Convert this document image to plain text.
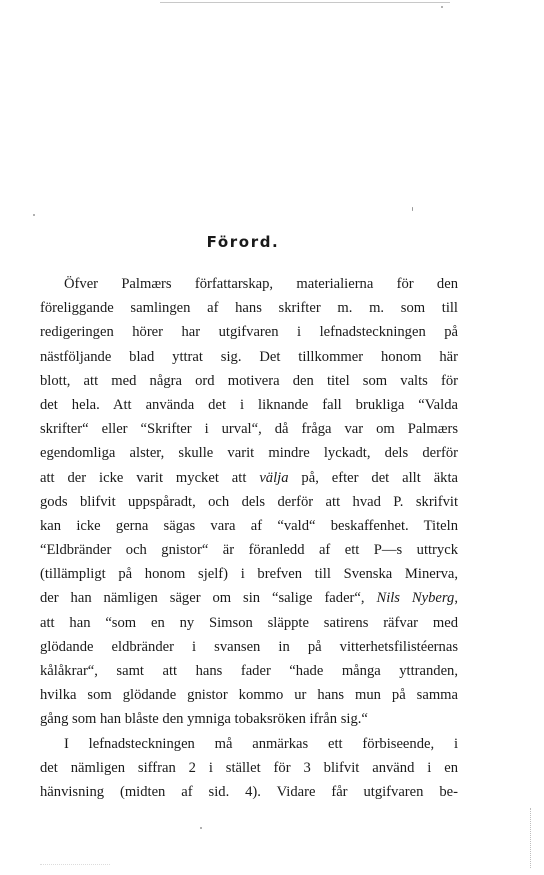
Förord.
Öfver Palmærs författarskap, materialierna för den
föreliggande samlingen af hans skrifter m. m. som till
redigeringen hörer har utgifvaren i lefnadsteckningen på
nästföljande blad yttrat sig. Det tillkommer honom här
blott, att med några ord motivera den titel som valts för
det hela. Att använda det i liknande fall brukliga “Valda
skrifter“ eller “Skrifter i urval“, då fråga var om Palmærs
egendomliga alster, skulle varit mindre lyckadt, dels derför
att der icke varit mycket att välja på, efter det allt äkta
gods blifvit uppspåradt, och dels derför att hvad P. skrifvit
kan icke gerna sägas vara af “vald“ beskaffenhet. Titeln
“Eldbränder och gnistor“ är föranledd af ett P—s uttryck
(tillämpligt på honom sjelf) i brefven till Svenska Minerva,
der han nämligen säger om sin “salige fader“, Nils Nyberg,
att han “som en ny Simson släppte satirens räfvar med
glödande eldbränder i svansen in på vitterhetsfilistéernas
kålåkrar“, samt att hans fader “hade många yttranden,
hvilka som glödande gnistor kommo ur hans mun på samma
gång som han blåste den ymniga tobaksröken ifrån sig.“
I lefnadsteckningen må anmärkas ett förbiseende, i
det nämligen siffran 2 i stället för 3 blifvit använd i en
hänvisning (midten af sid. 4). Vidare får utgifvaren be-
